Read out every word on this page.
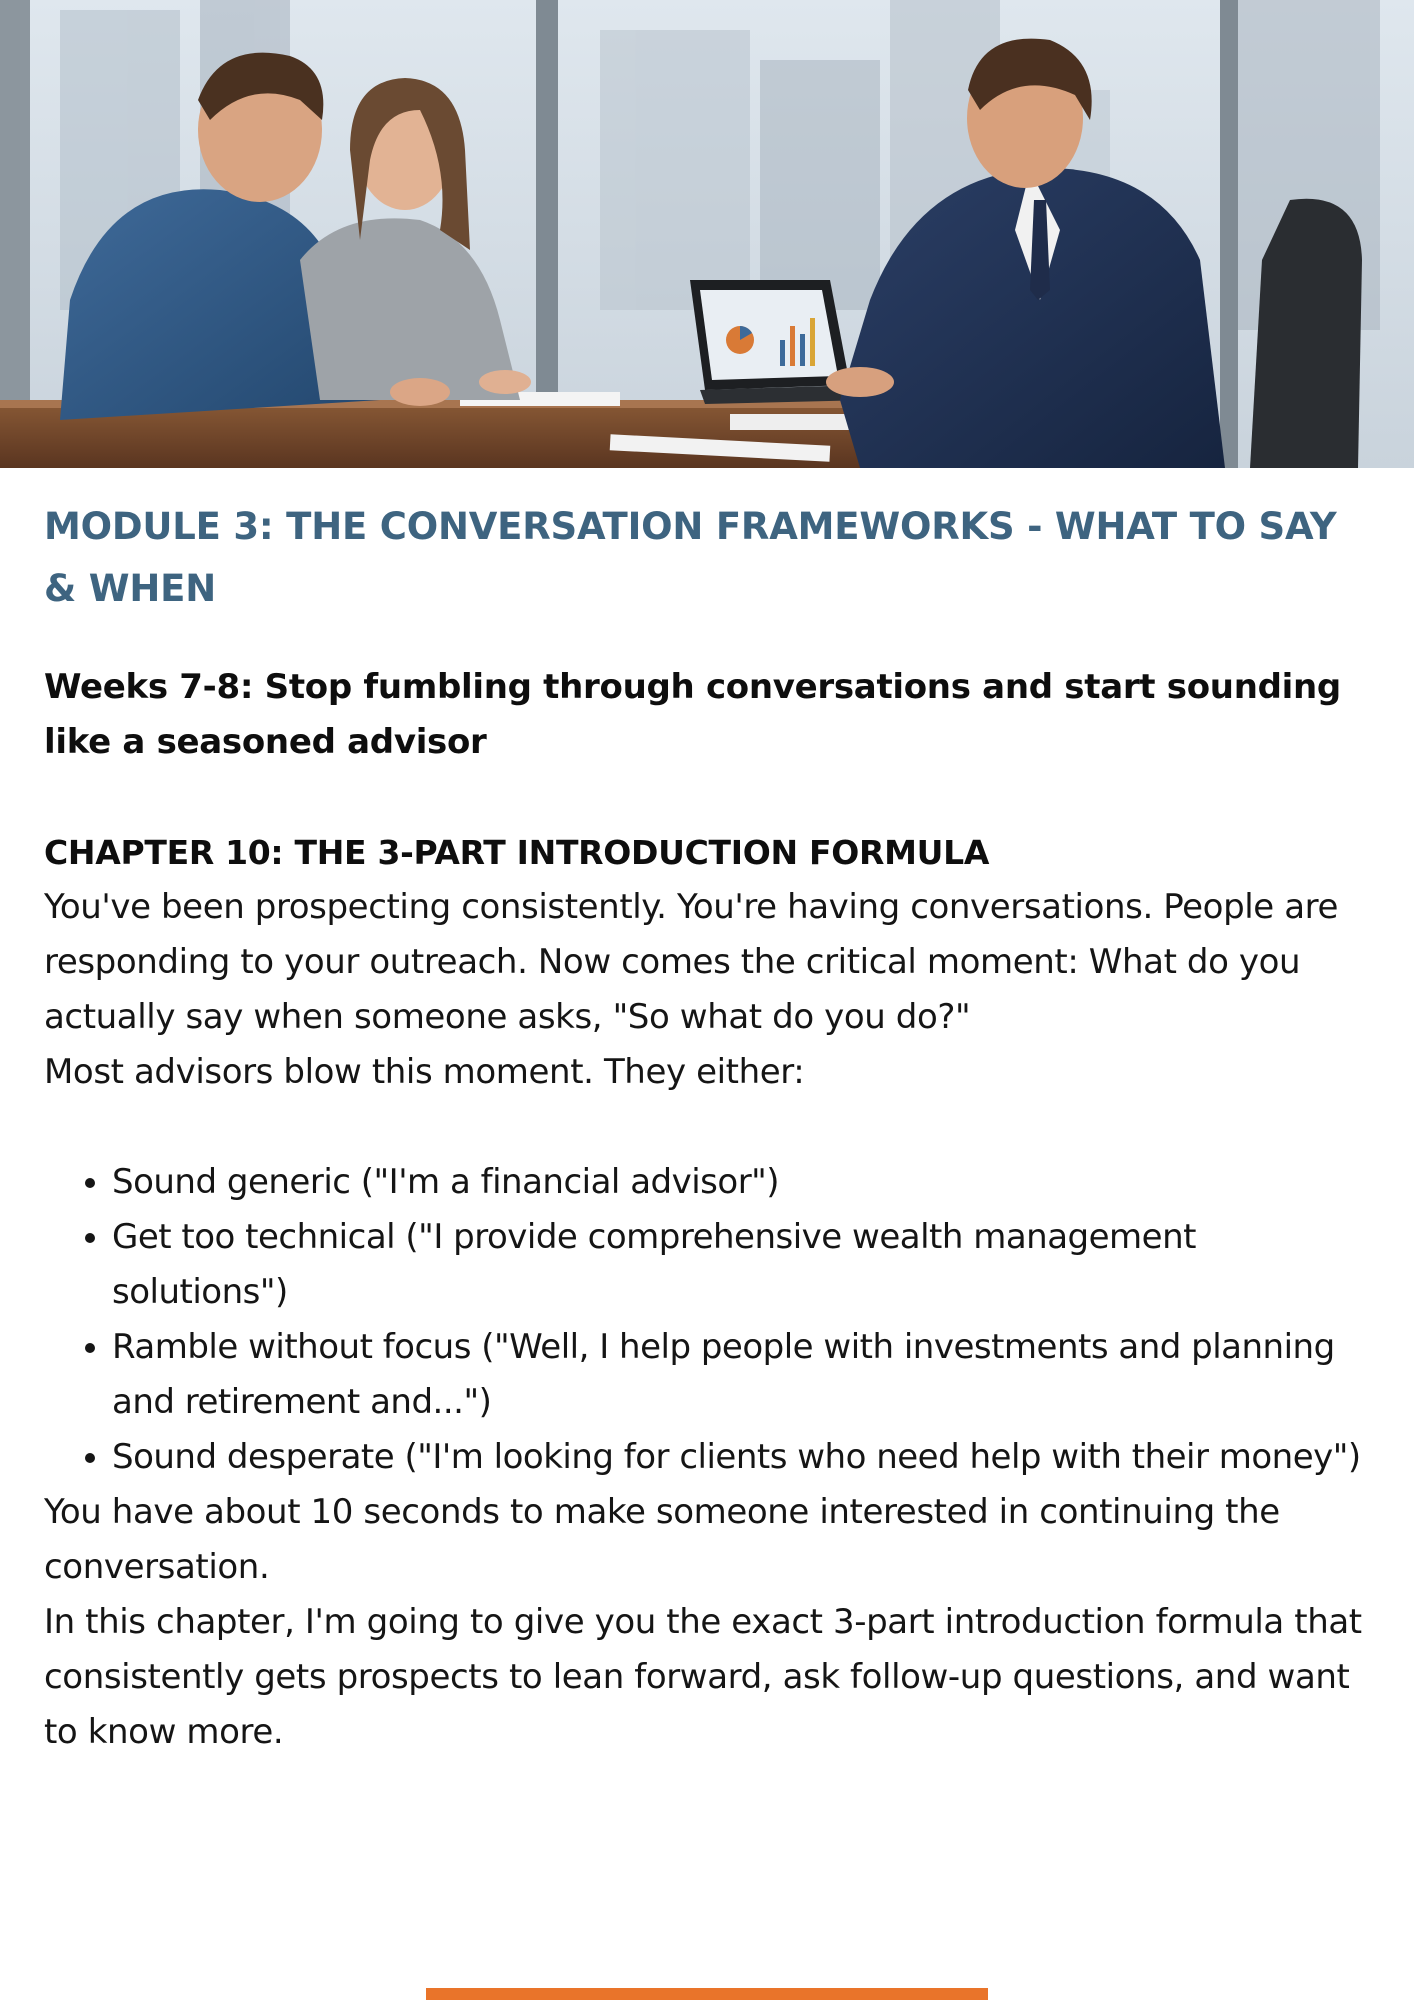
MODULE 3: THE CONVERSATION FRAMEWORKS - WHAT TO SAY & WHEN
Weeks 7-8: Stop fumbling through conversations and start sounding like a seasoned advisor
CHAPTER 10: THE 3-PART INTRODUCTION FORMULA

You've been prospecting consistently. You're having conversations. People are responding to your outreach. Now comes the critical moment: What do you actually say when someone asks, "So what do you do?"

Most advisors blow this moment. They either:

• Sound generic ("I'm a financial advisor")
• Get too technical ("I provide comprehensive wealth management solutions")
• Ramble without focus ("Well, I help people with investments and planning and retirement and...")
• Sound desperate ("I'm looking for clients who need help with their money")

You have about 10 seconds to make someone interested in continuing the conversation.

In this chapter, I'm going to give you the exact 3-part introduction formula that consistently gets prospects to lean forward, ask follow-up questions, and want to know more.
